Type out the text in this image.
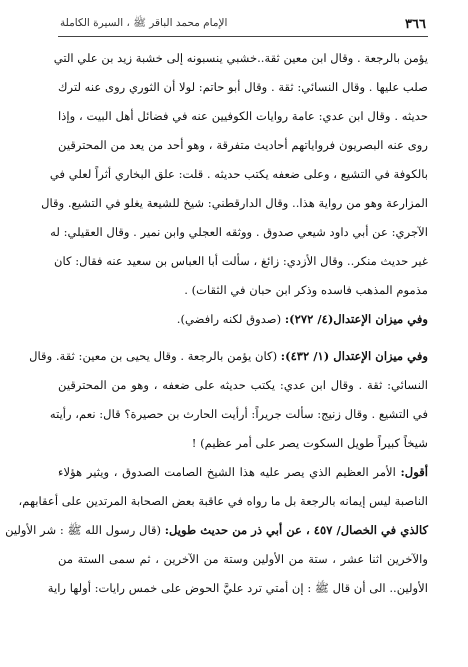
٣٦٦
الإمام محمد الباقر ﷺ ، السيرة الكاملة
يؤمن بالرجعة . وقال ابن معين ثقة..خشبي ينسبونه إلى خشبة زيد بن علي التي
صلب عليها . وقال النسائي: ثقة . وقال أبو حاتم: لولا أن الثوري روى عنه لترك
حديثه . وقال ابن عدي: عامة روايات الكوفيين عنه في فضائل أهل البيت ، وإذا
روى عنه البصريون فرواياتهم أحاديث متفرقة ، وهو أحد من يعد من المحترقين
بالكوفة في التشيع ، وعلى ضعفه يكتب حديثه . قلت: علق البخاري أثراً لعلي في
المزارعة وهو من رواية هذا.. وقال الدارقطني: شيخ للشيعة يغلو في التشيع. وقال
الآجري: عن أبي داود شيعي صدوق . ووثقه العجلي وابن نمير . وقال العقيلي: له
غير حديث منكر.. وقال الأزدي: زائغ ، سألت أبا العباس بن سعيد عنه فقال: كان
مذموم المذهب فاسده وذكر ابن حبان في الثقات) .
وفي ميزان الإعتدال(٤/ ٢٧٢): (صدوق لكنه رافضي).
وفي ميزان الإعتدال (١/ ٤٣٢): (كان يؤمن بالرجعة . وقال يحيى بن معين: ثقة. وقال
النسائي: ثقة . وقال ابن عدي: يكتب حديثه على ضعفه ، وهو من المحترقين
في التشيع . وقال زنيج: سألت جريراً: أرأيت الحارث بن حصيرة؟ قال: نعم، رأيته
شيخاً كبيراً طويل السكوت يصر على أمر عظيم) !
أقول: الأمر العظيم الذي يصر عليه هذا الشيخ الصامت الصدوق ، ويثير هؤلاء
الناصبة ليس إيمانه بالرجعة بل ما رواه في عاقبة بعض الصحابة المرتدين على أعقابهم،
كالذي في الخصال/ ٤٥٧ ، عن أبي ذر من حديث طويل: (قال رسول الله ﷺ : شر الأولين
والآخرين اثنا عشر ، ستة من الأولين وستة من الآخرين ، ثم سمى الستة من
الأولين.. الى أن قال ﷺ : إن أمتي ترد عليَّ الحوض على خمس رايات: أولها راية
